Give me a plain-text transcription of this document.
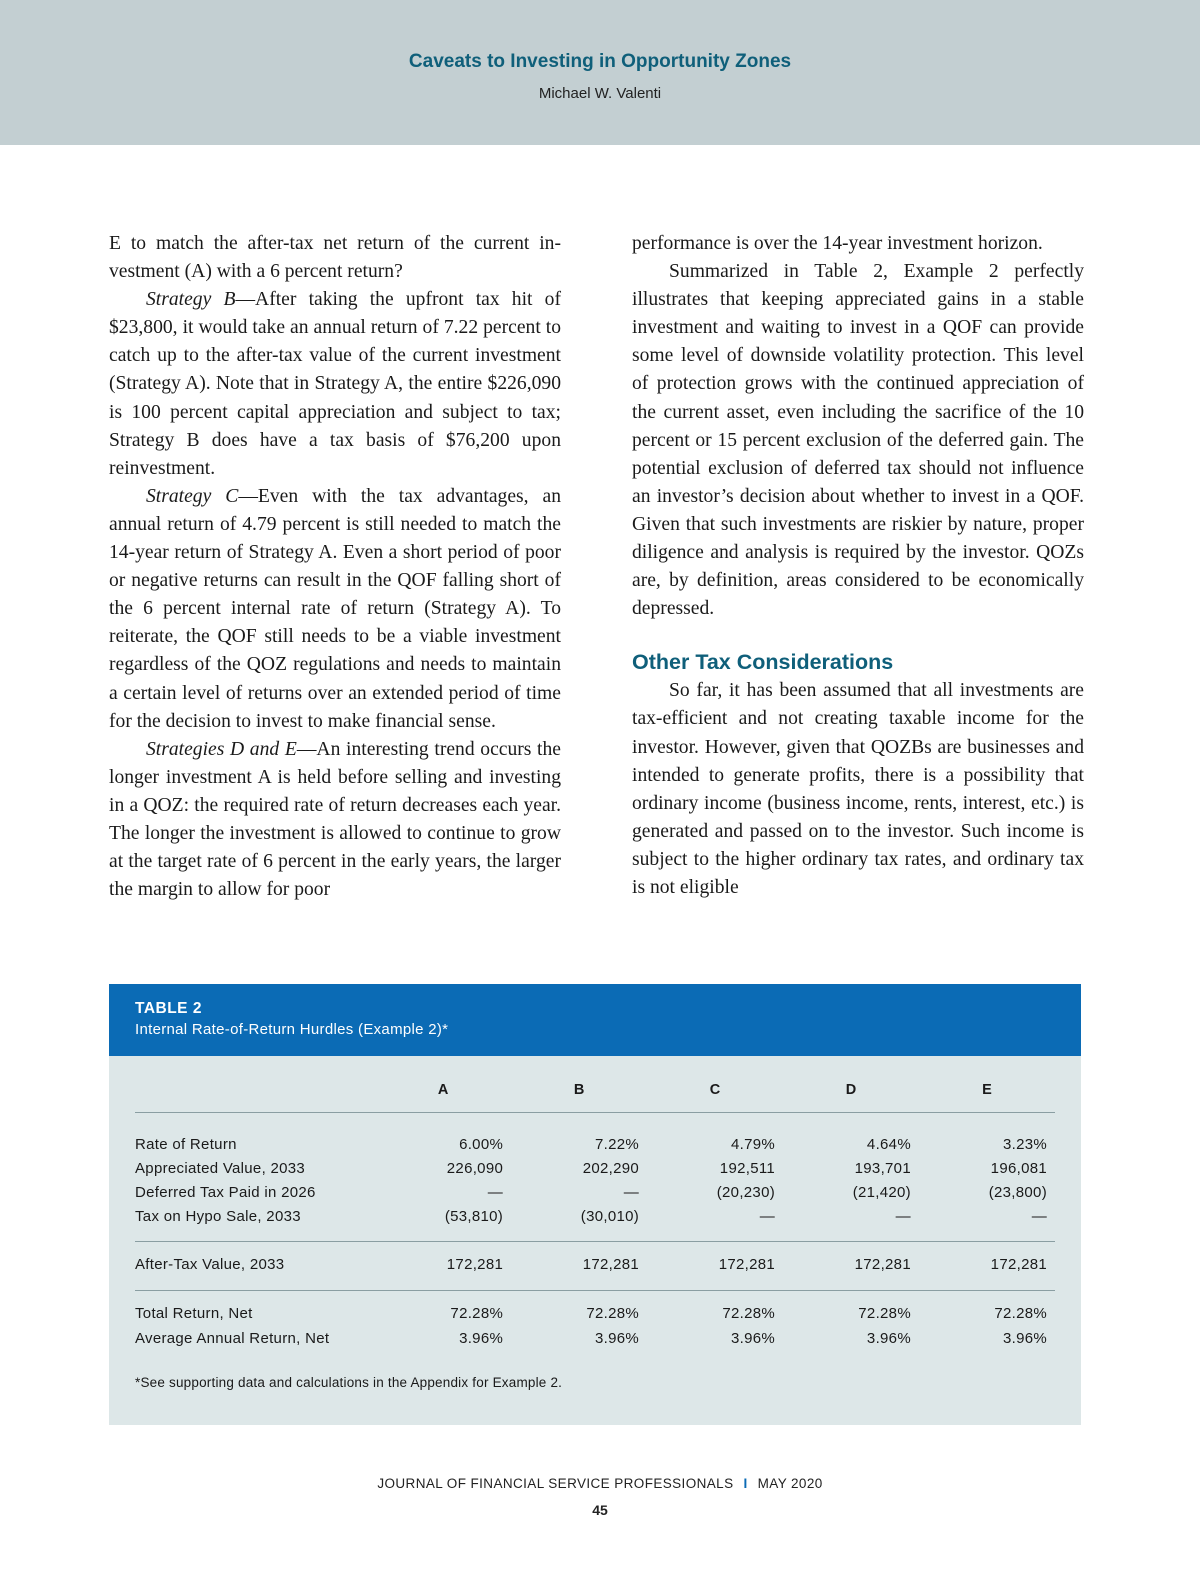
Caveats to Investing in Opportunity Zones
Michael W. Valenti

E to match the after-tax net return of the current investment (A) with a 6 percent return?

Strategy B—After taking the upfront tax hit of $23,800, it would take an annual return of 7.22 percent to catch up to the after-tax value of the current investment (Strategy A). Note that in Strategy A, the entire $226,090 is 100 percent capital appreciation and subject to tax; Strategy B does have a tax basis of $76,200 upon reinvestment.

Strategy C—Even with the tax advantages, an annual return of 4.79 percent is still needed to match the 14-year return of Strategy A. Even a short period of poor or negative returns can result in the QOF falling short of the 6 percent internal rate of return (Strategy A). To reiterate, the QOF still needs to be a viable investment regardless of the QOZ regulations and needs to maintain a certain level of returns over an extended period of time for the decision to invest to make financial sense.

Strategies D and E—An interesting trend occurs the longer investment A is held before selling and investing in a QOZ: the required rate of return decreases each year. The longer the investment is allowed to continue to grow at the target rate of 6 percent in the early years, the larger the margin to allow for poor

performance is over the 14-year investment horizon.

Summarized in Table 2, Example 2 perfectly illustrates that keeping appreciated gains in a stable investment and waiting to invest in a QOF can provide some level of downside volatility protection. This level of protection grows with the continued appreciation of the current asset, even including the sacrifice of the 10 percent or 15 percent exclusion of the deferred gain. The potential exclusion of deferred tax should not influence an investor’s decision about whether to invest in a QOF. Given that such investments are riskier by nature, proper diligence and analysis is required by the investor. QOZs are, by definition, areas considered to be economically depressed.

Other Tax Considerations

So far, it has been assumed that all investments are tax-efficient and not creating taxable income for the investor. However, given that QOZBs are businesses and intended to generate profits, there is a possibility that ordinary income (business income, rents, interest, etc.) is generated and passed on to the investor. Such income is subject to the higher ordinary tax rates, and ordinary tax is not eligible

TABLE 2
Internal Rate-of-Return Hurdles (Example 2)*
	A	B	C	D	E
Rate of Return	6.00%	7.22%	4.79%	4.64%	3.23%
Appreciated Value, 2033	226,090	202,290	192,511	193,701	196,081
Deferred Tax Paid in 2026	—	—	(20,230)	(21,420)	(23,800)
Tax on Hypo Sale, 2033	(53,810)	(30,010)	—	—	—

After-Tax Value, 2033	172,281	172,281	172,281	172,281	172,281

Total Return, Net	72.28%	72.28%	72.28%	72.28%	72.28%
Average Annual Return, Net	3.96%	3.96%	3.96%	3.96%	3.96%
*See supporting data and calculations in the Appendix for Example 2.
JOURNAL OF FINANCIAL SERVICE PROFESSIONALS I MAY 2020
45
